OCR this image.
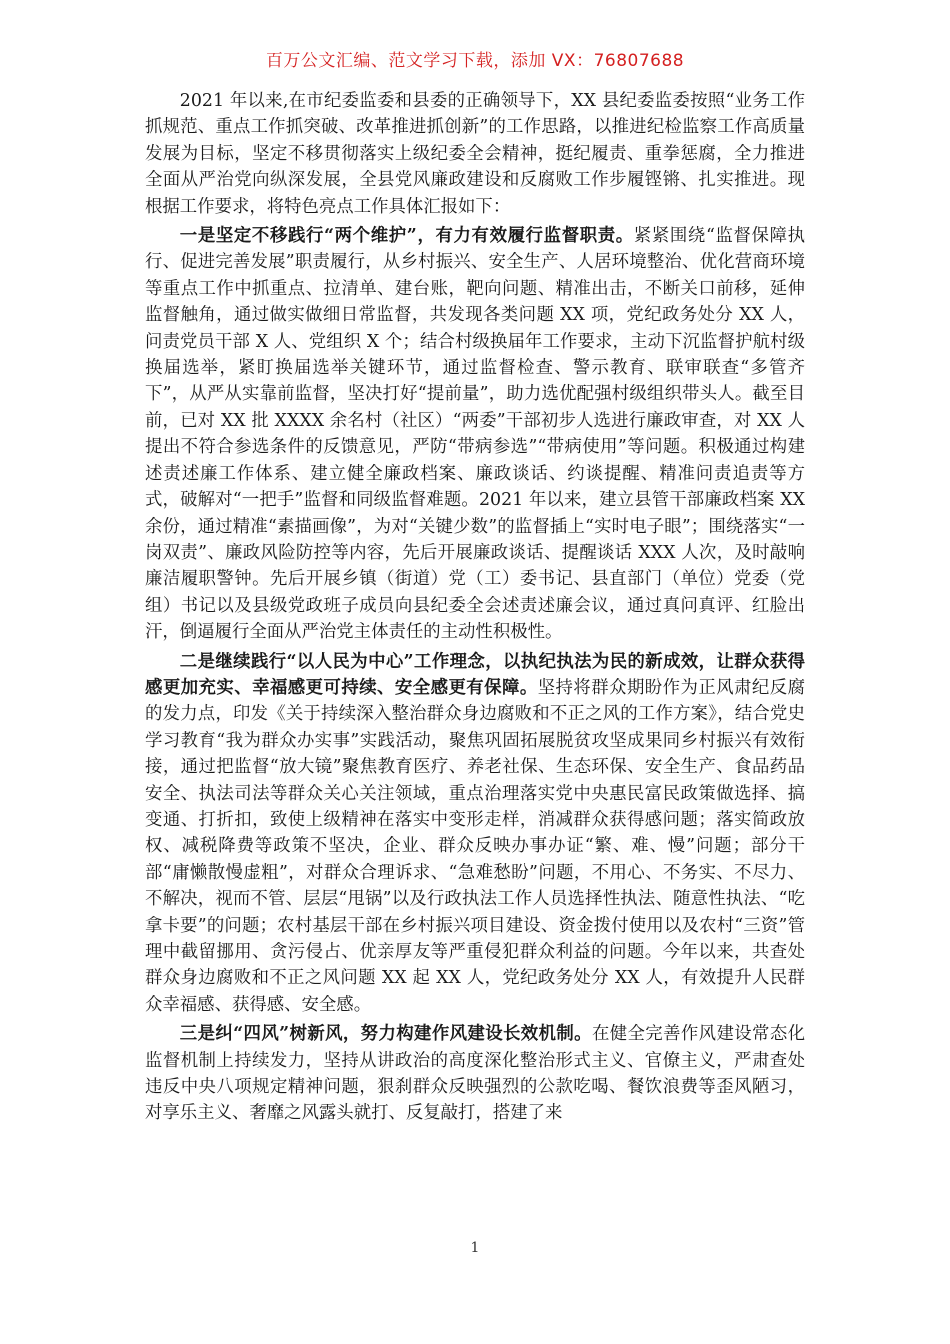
百万公文汇编、范文学习下载，添加 VX：76807688

2021 年以来,在市纪委监委和县委的正确领导下，XX 县纪委监委按照“业务工作抓规范、重点工作抓突破、改革推进抓创新”的工作思路，以推进纪检监察工作高质量发展为目标，坚定不移贯彻落实上级纪委全会精神，挺纪履责、重拳惩腐，全力推进全面从严治党向纵深发展，全县党风廉政建设和反腐败工作步履铿锵、扎实推进。现根据工作要求，将特色亮点工作具体汇报如下：

一是坚定不移践行“两个维护”，有力有效履行监督职责。紧紧围绕“监督保障执行、促进完善发展”职责履行，从乡村振兴、安全生产、人居环境整治、优化营商环境等重点工作中抓重点、拉清单、建台账，靶向问题、精准出击，不断关口前移，延伸监督触角，通过做实做细日常监督，共发现各类问题 XX 项，党纪政务处分 XX 人，问责党员干部 X 人、党组织 X 个；结合村级换届年工作要求，主动下沉监督护航村级换届选举，紧盯换届选举关键环节，通过监督检查、警示教育、联审联查“多管齐下”，从严从实靠前监督，坚决打好“提前量”，助力选优配强村级组织带头人。截至目前，已对 XX 批 XXXX 余名村（社区）“两委”干部初步人选进行廉政审查，对 XX 人提出不符合参选条件的反馈意见，严防“带病参选”“带病使用”等问题。积极通过构建述责述廉工作体系、建立健全廉政档案、廉政谈话、约谈提醒、精准问责追责等方式，破解对“一把手”监督和同级监督难题。2021 年以来，建立县管干部廉政档案 XX 余份，通过精准“素描画像”，为对“关键少数”的监督插上“实时电子眼”；围绕落实“一岗双责”、廉政风险防控等内容，先后开展廉政谈话、提醒谈话 XXX 人次，及时敲响廉洁履职警钟。先后开展乡镇（街道）党（工）委书记、县直部门（单位）党委（党组）书记以及县级党政班子成员向县纪委全会述责述廉会议，通过真问真评、红脸出汗，倒逼履行全面从严治党主体责任的主动性积极性。

二是继续践行“以人民为中心”工作理念，以执纪执法为民的新成效，让群众获得感更加充实、幸福感更可持续、安全感更有保障。坚持将群众期盼作为正风肃纪反腐的发力点，印发《关于持续深入整治群众身边腐败和不正之风的工作方案》，结合党史学习教育“我为群众办实事”实践活动，聚焦巩固拓展脱贫攻坚成果同乡村振兴有效衔接，通过把监督“放大镜”聚焦教育医疗、养老社保、生态环保、安全生产、食品药品安全、执法司法等群众关心关注领域，重点治理落实党中央惠民富民政策做选择、搞变通、打折扣，致使上级精神在落实中变形走样，消减群众获得感问题；落实简政放权、减税降费等政策不坚决，企业、群众反映办事办证“繁、难、慢”问题；部分干部“庸懒散慢虚粗”，对群众合理诉求、“急难愁盼”问题，不用心、不务实、不尽力、不解决，视而不管、层层“甩锅”以及行政执法工作人员选择性执法、随意性执法、“吃拿卡要”的问题；农村基层干部在乡村振兴项目建设、资金拨付使用以及农村“三资”管理中截留挪用、贪污侵占、优亲厚友等严重侵犯群众利益的问题。今年以来，共查处群众身边腐败和不正之风问题 XX 起 XX 人，党纪政务处分 XX 人，有效提升人民群众幸福感、获得感、安全感。

三是纠“四风”树新风，努力构建作风建设长效机制。在健全完善作风建设常态化监督机制上持续发力，坚持从讲政治的高度深化整治形式主义、官僚主义，严肃查处违反中央八项规定精神问题，狠刹群众反映强烈的公款吃喝、餐饮浪费等歪风陋习，对享乐主义、奢靡之风露头就打、反复敲打，搭建了来

1
